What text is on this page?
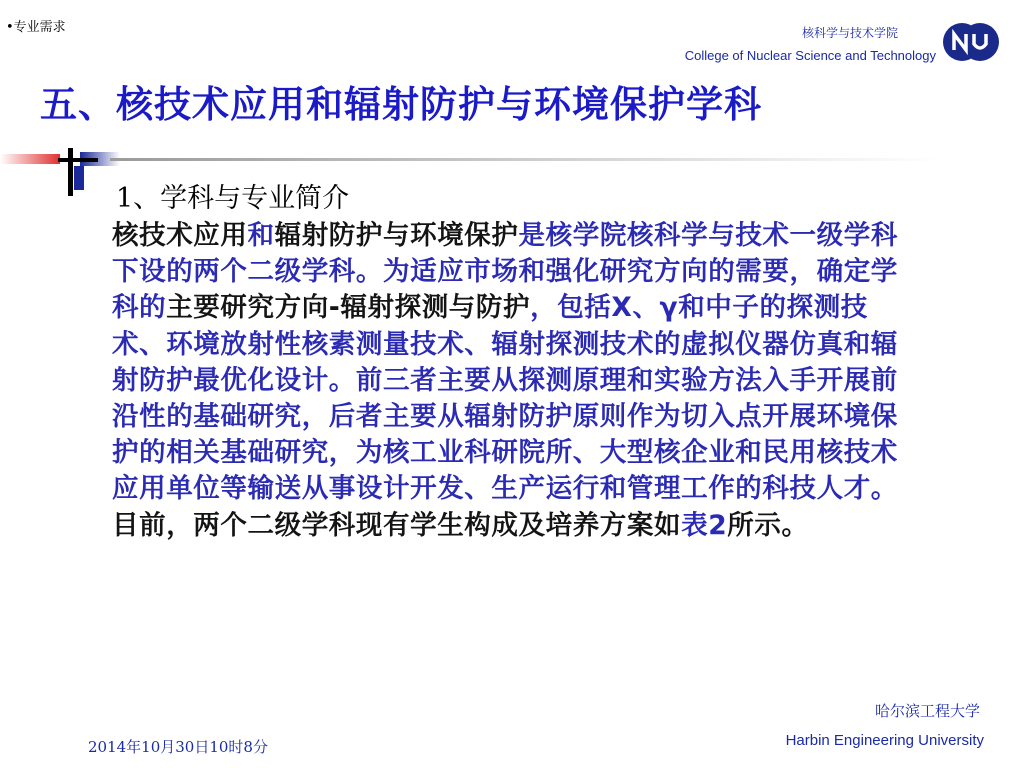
•专业需求	核科学与技术学院
College of Nuclear Science and Technology
五、核技术应用和辐射防护与环境保护学科
1、学科与专业简介
核技术应用和辐射防护与环境保护是核学院核科学与技术一级学科下设的两个二级学科。为适应市场和强化研究方向的需要，确定学科的主要研究方向-辐射探测与防护，包括X、γ和中子的探测技术、环境放射性核素测量技术、辐射探测技术的虚拟仪器仿真和辐射防护最优化设计。前三者主要从探测原理和实验方法入手开展前沿性的基础研究，后者主要从辐射防护原则作为切入点开展环境保护的相关基础研究，为核工业科研院所、大型核企业和民用核技术应用单位等输送从事设计开发、生产运行和管理工作的科技人才。目前，两个二级学科现有学生构成及培养方案如表2所示。
哈尔滨工程大学
Harbin Engineering University
2014年10月30日10时8分
